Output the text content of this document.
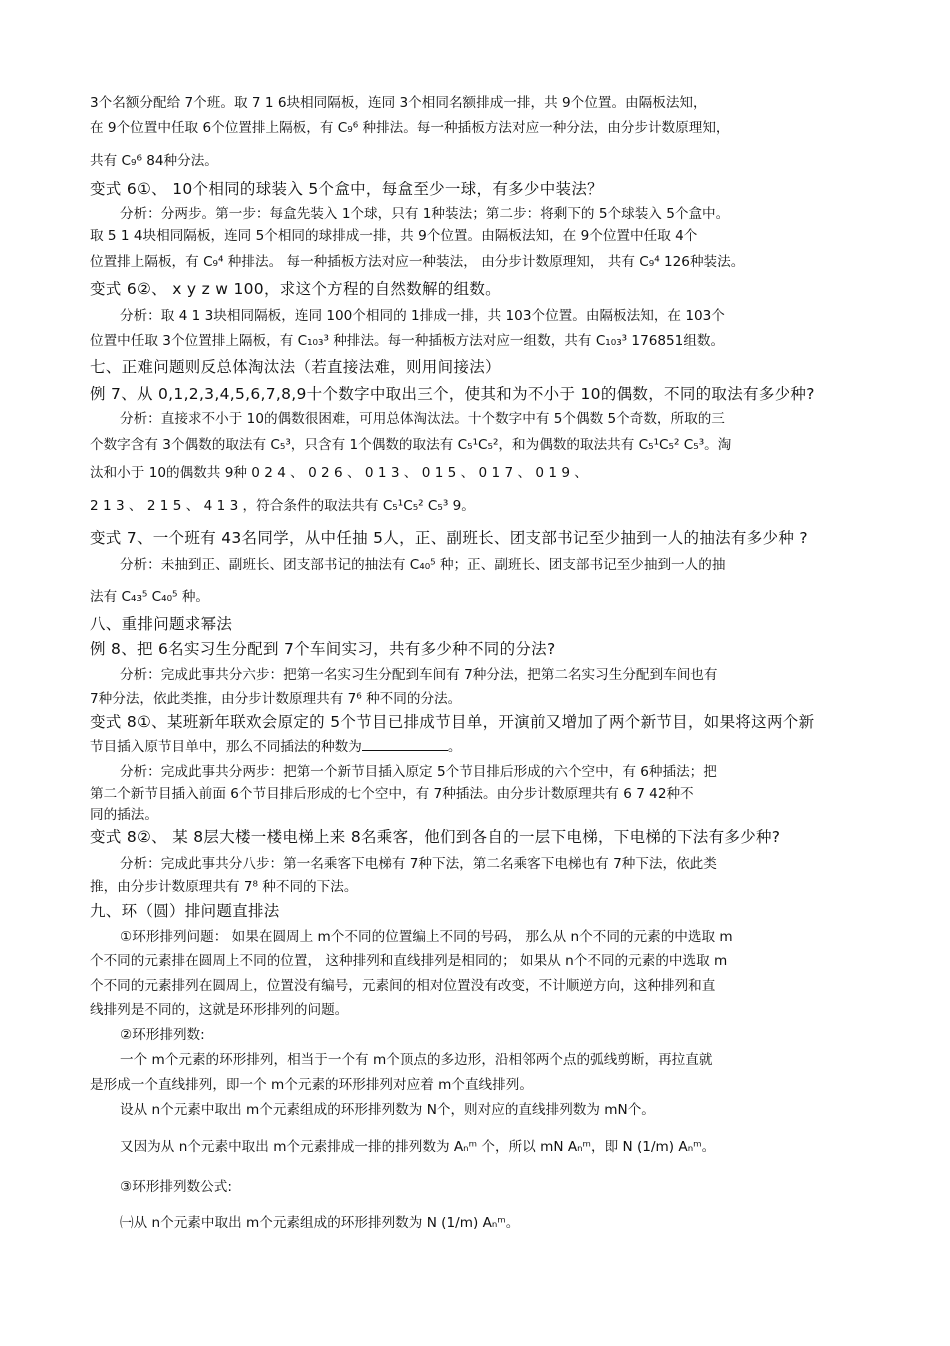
3个名额分配给 7个班。取 7 1 6块相同隔板，连同 3个相同名额排成一排，共 9个位置。由隔板法知，
在 9个位置中任取 6个位置排上隔板，有 C₉⁶ 种排法。每一种插板方法对应一种分法，由分步计数原理知，
共有 C₉⁶ 84种分法。
变式 6①、 10个相同的球装入 5个盒中，每盒至少一球，有多少中装法？
分析：分两步。第一步：每盒先装入 1个球，只有 1种装法；第二步：将剩下的 5个球装入 5个盒中。
取 5 1 4块相同隔板，连同 5个相同的球排成一排，共 9个位置。由隔板法知，在 9个位置中任取 4个
位置排上隔板，有 C₉⁴ 种排法。 每一种插板方法对应一种装法， 由分步计数原理知， 共有 C₉⁴ 126种装法。
变式 6②、 x y z w 100，求这个方程的自然数解的组数。
分析：取 4 1 3块相同隔板，连同 100个相同的 1排成一排，共 103个位置。由隔板法知，在 103个
位置中任取 3个位置排上隔板，有 C₁₀₃³ 种排法。每一种插板方法对应一组数，共有 C₁₀₃³ 176851组数。
七、正难问题则反总体淘汰法（若直接法难，则用间接法）
例 7、从 0,1,2,3,4,5,6,7,8,9十个数字中取出三个，使其和为不小于 10的偶数，不同的取法有多少种?
分析：直接求不小于 10的偶数很困难，可用总体淘汰法。十个数字中有 5个偶数 5个奇数，所取的三
个数字含有 3个偶数的取法有 C₅³，只含有 1个偶数的取法有 C₅¹C₅²，和为偶数的取法共有 C₅¹C₅² C₅³。淘
汰和小于 10的偶数共 9种 0 2 4 、 0 2 6 、 0 1 3 、 0 1 5 、 0 1 7 、 0 1 9 、
2 1 3 、 2 1 5 、 4 1 3 ，符合条件的取法共有 C₅¹C₅² C₅³ 9。
变式 7、一个班有 43名同学，从中任抽 5人，正、副班长、团支部书记至少抽到一人的抽法有多少种 ?
分析：未抽到正、副班长、团支部书记的抽法有 C₄₀⁵ 种；正、副班长、团支部书记至少抽到一人的抽
法有 C₄₃⁵ C₄₀⁵ 种。
八、重排问题求幂法
例 8、把 6名实习生分配到 7个车间实习，共有多少种不同的分法?
分析：完成此事共分六步：把第一名实习生分配到车间有 7种分法，把第二名实习生分配到车间也有
7种分法，依此类推，由分步计数原理共有 7⁶ 种不同的分法。
变式 8①、某班新年联欢会原定的 5个节目已排成节目单，开演前又增加了两个新节目，如果将这两个新
节目插入原节目单中，那么不同插法的种数为	。
分析：完成此事共分两步：把第一个新节目插入原定 5个节目排后形成的六个空中，有 6种插法；把
第二个新节目插入前面 6个节目排后形成的七个空中，有 7种插法。由分步计数原理共有 6 7 42种不
同的插法。
变式 8②、 某 8层大楼一楼电梯上来 8名乘客，他们到各自的一层下电梯，下电梯的下法有多少种?
分析：完成此事共分八步：第一名乘客下电梯有 7种下法，第二名乘客下电梯也有 7种下法，依此类
推，由分步计数原理共有 7⁸ 种不同的下法。
九、环（圆）排问题直排法
①环形排列问题： 如果在圆周上 m个不同的位置编上不同的号码， 那么从 n个不同的元素的中选取 m
个不同的元素排在圆周上不同的位置， 这种排列和直线排列是相同的； 如果从 n个不同的元素的中选取 m
个不同的元素排列在圆周上，位置没有编号，元素间的相对位置没有改变，不计顺逆方向，这种排列和直
线排列是不同的，这就是环形排列的问题。
②环形排列数:
一个 m个元素的环形排列，相当于一个有 m个顶点的多边形，沿相邻两个点的弧线剪断，再拉直就
是形成一个直线排列，即一个 m个元素的环形排列对应着 m个直线排列。
设从 n个元素中取出 m个元素组成的环形排列数为 N个，则对应的直线排列数为 mN个。
又因为从 n个元素中取出 m个元素排成一排的排列数为 Aₙᵐ 个，所以 mN Aₙᵐ，即 N (1/m) Aₙᵐ。
③环形排列数公式:
㈠从 n个元素中取出 m个元素组成的环形排列数为 N (1/m) Aₙᵐ。
